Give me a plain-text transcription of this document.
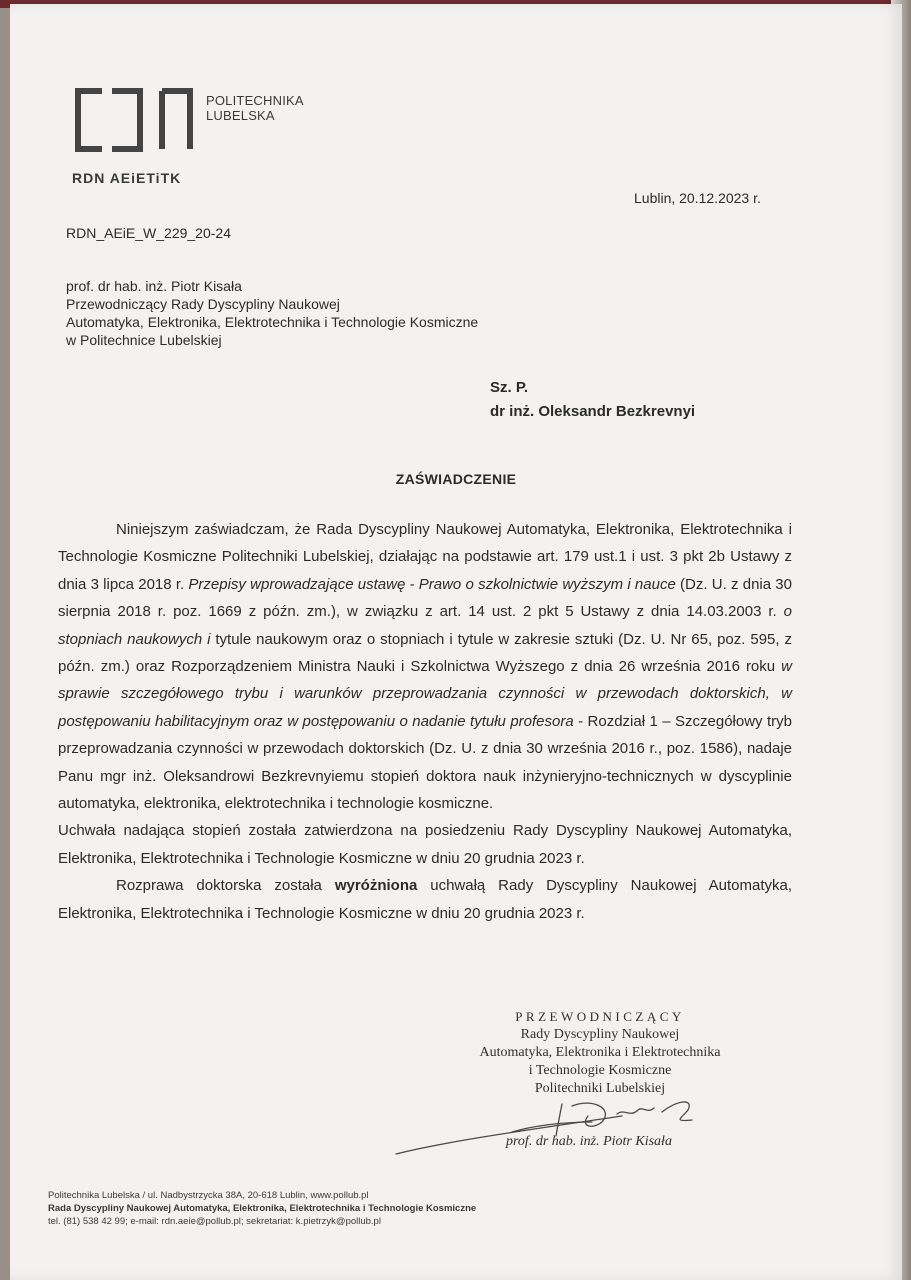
POLITECHNIKA
LUBELSKA
RDN AEiETiTK
Lublin, 20.12.2023 r.
RDN_AEiE_W_229_20-24
prof. dr hab. inż. Piotr Kisała
Przewodniczący Rady Dyscypliny Naukowej
Automatyka, Elektronika, Elektrotechnika i Technologie Kosmiczne
w Politechnice Lubelskiej
Sz. P.
dr inż. Oleksandr Bezkrevnyi
ZAŚWIADCZENIE

Niniejszym zaświadczam, że Rada Dyscypliny Naukowej Automatyka, Elektronika, Elektrotechnika i Technologie Kosmiczne Politechniki Lubelskiej, działając na podstawie art. 179 ust.1 i ust. 3 pkt 2b Ustawy z dnia 3 lipca 2018 r. Przepisy wprowadzające ustawę - Prawo o szkolnictwie wyższym i nauce (Dz. U. z dnia 30 sierpnia 2018 r. poz. 1669 z późn. zm.), w związku z art. 14 ust. 2 pkt 5 Ustawy z dnia 14.03.2003 r. o stopniach naukowych i tytule naukowym oraz o stopniach i tytule w zakresie sztuki (Dz. U. Nr 65, poz. 595, z późn. zm.) oraz Rozporządzeniem Ministra Nauki i Szkolnictwa Wyższego z dnia 26 września 2016 roku w sprawie szczegółowego trybu i warunków przeprowadzania czynności w przewodach doktorskich, w postępowaniu habilitacyjnym oraz w postępowaniu o nadanie tytułu profesora - Rozdział 1 – Szczegółowy tryb przeprowadzania czynności w przewodach doktorskich (Dz. U. z dnia 30 września 2016 r., poz. 1586), nadaje Panu mgr inż. Oleksandrowi Bezkrevnyiemu stopień doktora nauk inżynieryjno-technicznych w dyscyplinie automatyka, elektronika, elektrotechnika i technologie kosmiczne.

Uchwała nadająca stopień została zatwierdzona na posiedzeniu Rady Dyscypliny Naukowej Automatyka, Elektronika, Elektrotechnika i Technologie Kosmiczne w dniu 20 grudnia 2023 r.

Rozprawa doktorska została wyróżniona uchwałą Rady Dyscypliny Naukowej Automatyka, Elektronika, Elektrotechnika i Technologie Kosmiczne w dniu 20 grudnia 2023 r.

PRZEWODNICZĄCY
Rady Dyscypliny Naukowej
Automatyka, Elektronika i Elektrotechnika
i Technologie Kosmiczne
Politechniki Lubelskiej
prof. dr hab. inż. Piotr Kisała
Politechnika Lubelska / ul. Nadbystrzycka 38A, 20-618 Lublin, www.pollub.pl
Rada Dyscypliny Naukowej Automatyka, Elektronika, Elektrotechnika i Technologie Kosmiczne
tel. (81) 538 42 99; e-mail: rdn.aeie@pollub.pl; sekretariat: k.pietrzyk@pollub.pl
